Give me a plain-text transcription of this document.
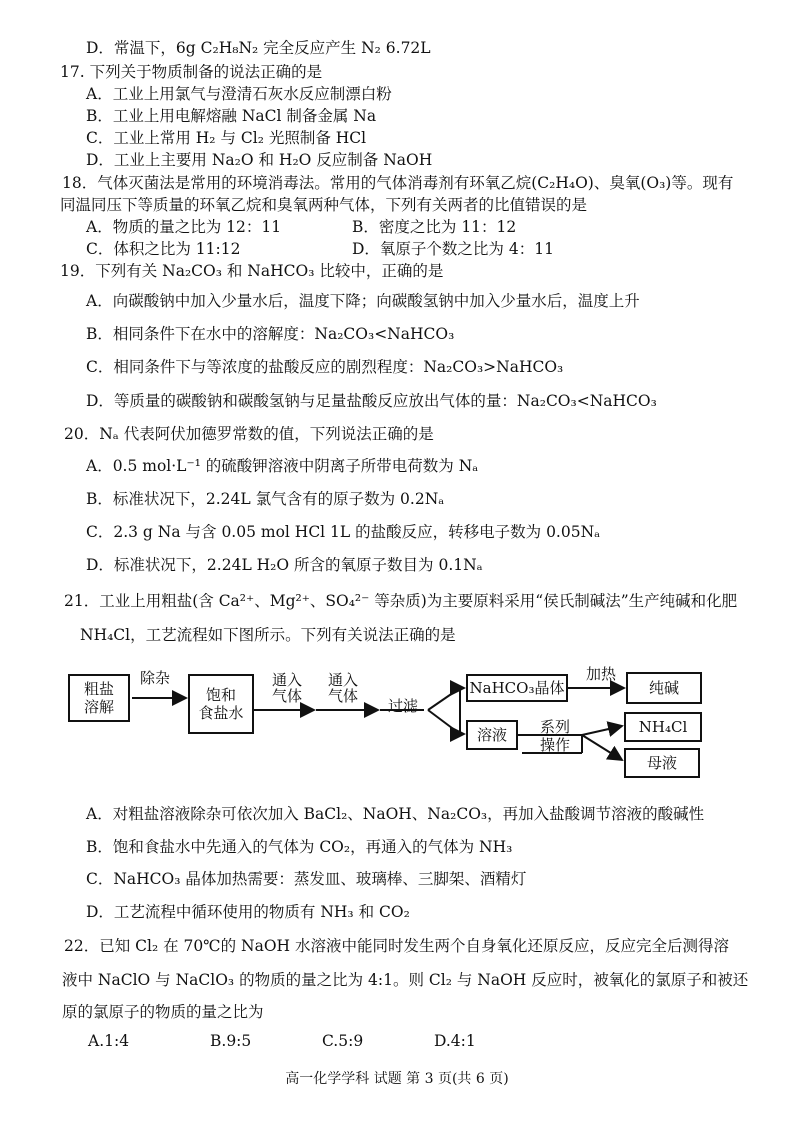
D．常温下，6g C₂H₈N₂ 完全反应产生 N₂ 6.72L
17. 下列关于物质制备的说法正确的是
A．工业上用氯气与澄清石灰水反应制漂白粉
B．工业上用电解熔融 NaCl 制备金属 Na
C．工业上常用 H₂ 与 Cl₂ 光照制备 HCl
D．工业上主要用 Na₂O 和 H₂O 反应制备 NaOH
18．气体灭菌法是常用的环境消毒法。常用的气体消毒剂有环氧乙烷(C₂H₄O)、臭氧(O₃)等。现有
同温同压下等质量的环氧乙烷和臭氧两种气体，下列有关两者的比值错误的是
A．物质的量之比为 12：11	B．密度之比为 11：12
C．体积之比为 11:12	D．氧原子个数之比为 4：11
19．下列有关 Na₂CO₃ 和 NaHCO₃ 比较中，正确的是
A．向碳酸钠中加入少量水后，温度下降；向碳酸氢钠中加入少量水后，温度上升
B．相同条件下在水中的溶解度：Na₂CO₃<NaHCO₃
C．相同条件下与等浓度的盐酸反应的剧烈程度：Na₂CO₃>NaHCO₃
D．等质量的碳酸钠和碳酸氢钠与足量盐酸反应放出气体的量：Na₂CO₃<NaHCO₃
20．Nₐ 代表阿伏加德罗常数的值，下列说法正确的是
A．0.5 mol·L⁻¹ 的硫酸钾溶液中阴离子所带电荷数为 Nₐ
B．标准状况下，2.24L 氯气含有的原子数为 0.2Nₐ
C．2.3 g Na 与含 0.05 mol HCl 1L 的盐酸反应，转移电子数为 0.05Nₐ
D．标准状况下，2.24L H₂O 所含的氧原子数目为 0.1Nₐ
21．工业上用粗盐(含 Ca²⁺、Mg²⁺、SO₄²⁻ 等杂质)为主要原料采用“侯氏制碱法”生产纯碱和化肥
NH₄Cl，工艺流程如下图所示。下列有关说法正确的是
粗盐
溶解
除杂
饱和
食盐水
通入
气体
通入
气体
过滤
NaHCO₃晶体
加热
纯碱
溶液 系列
操作
NH₄Cl
母液
A．对粗盐溶液除杂可依次加入 BaCl₂、NaOH、Na₂CO₃，再加入盐酸调节溶液的酸碱性
B．饱和食盐水中先通入的气体为 CO₂，再通入的气体为 NH₃
C．NaHCO₃ 晶体加热需要：蒸发皿、玻璃棒、三脚架、酒精灯
D．工艺流程中循环使用的物质有 NH₃ 和 CO₂
22．已知 Cl₂ 在 70℃的 NaOH 水溶液中能同时发生两个自身氧化还原反应，反应完全后测得溶
液中 NaClO 与 NaClO₃ 的物质的量之比为 4:1。则 Cl₂ 与 NaOH 反应时，被氧化的氯原子和被还
原的氯原子的物质的量之比为
A.1:4	B.9:5	C.5:9	D.4:1
高一化学学科 试题 第 3 页(共 6 页)
